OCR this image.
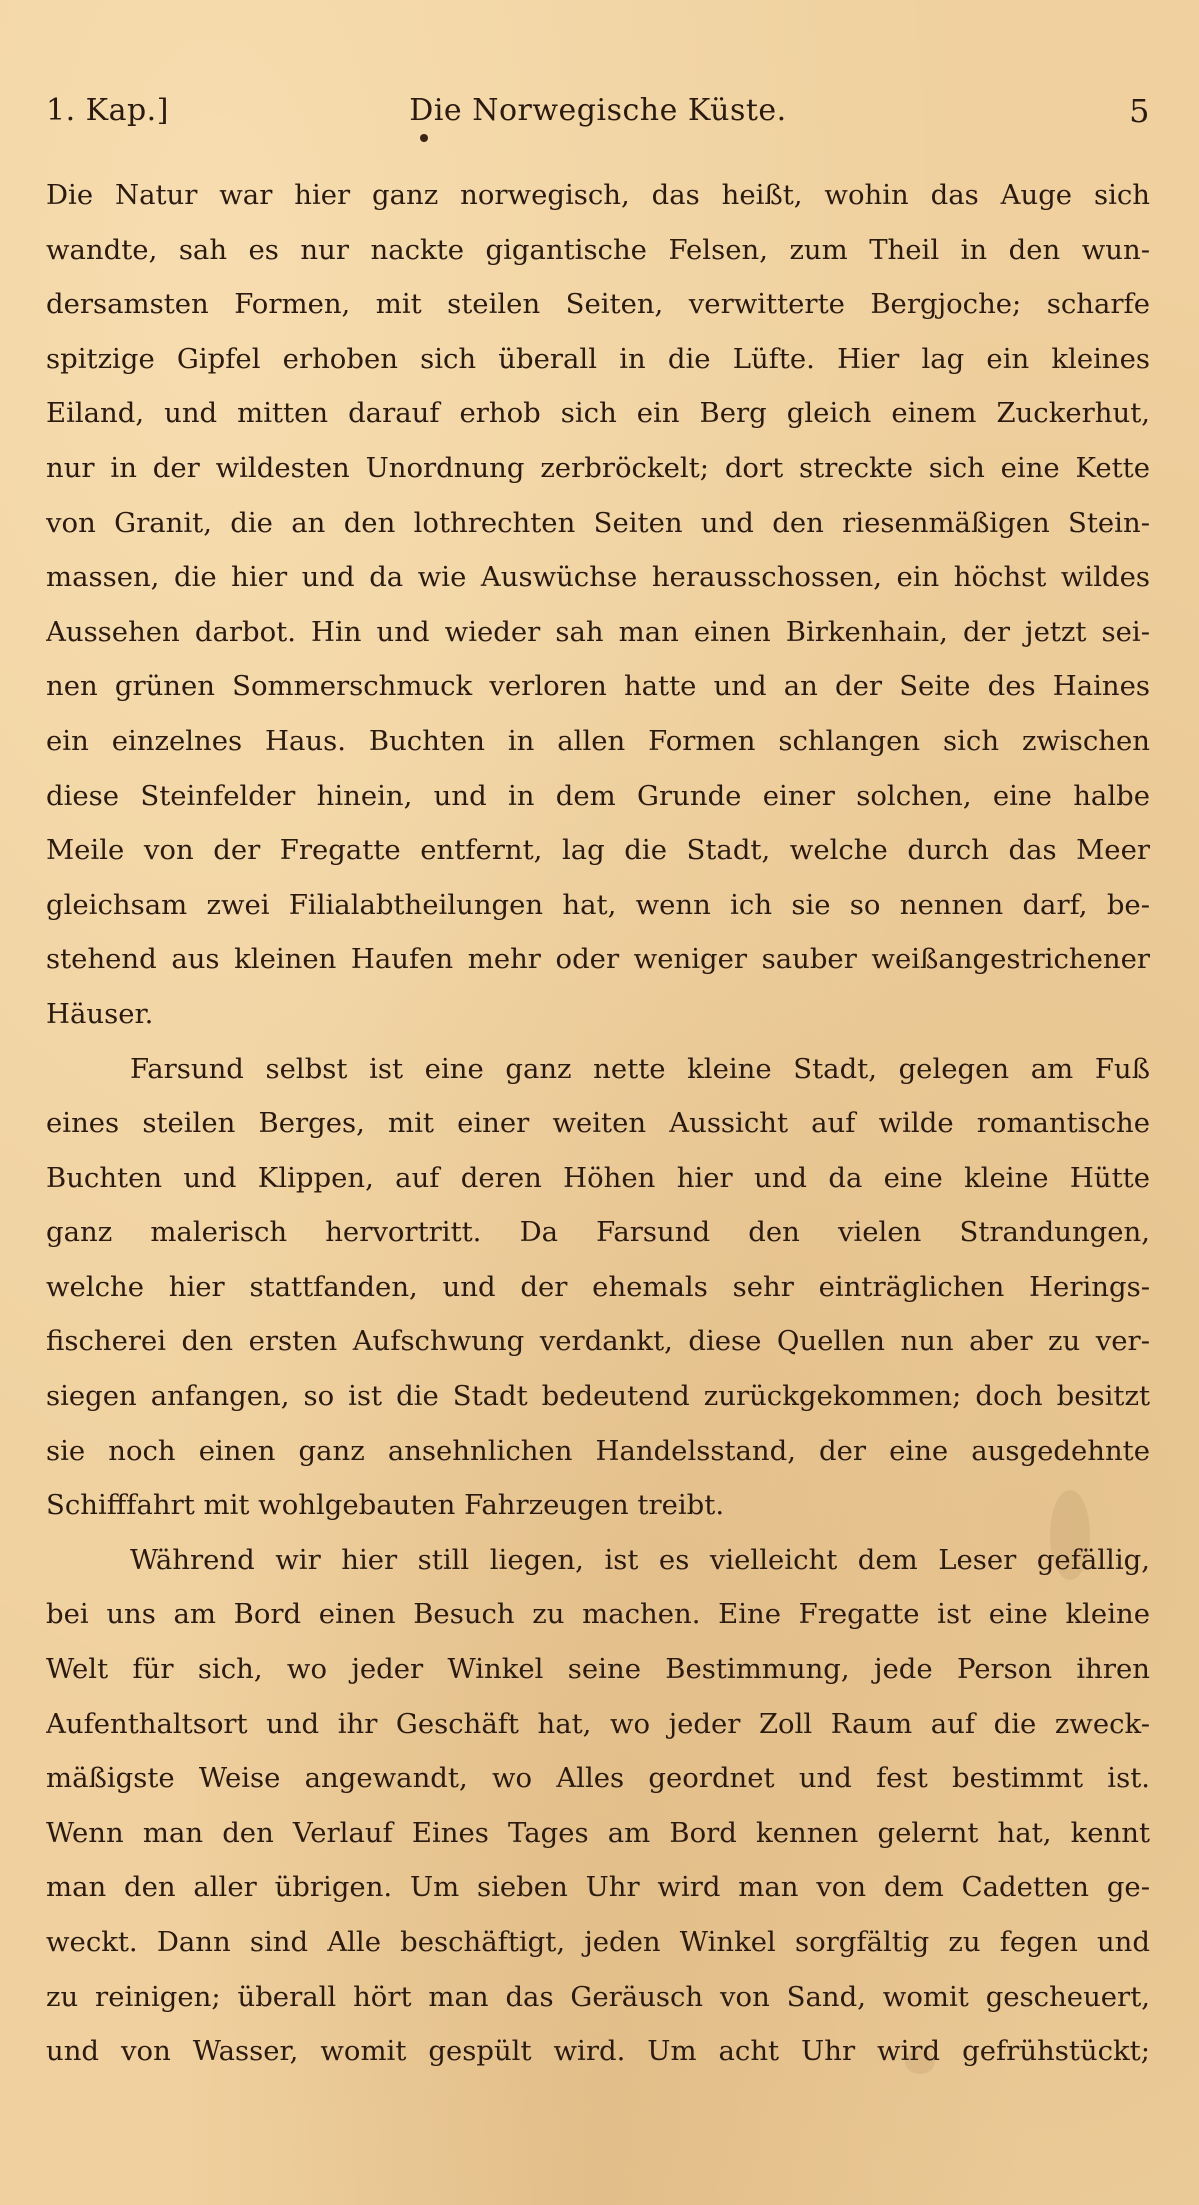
1. Kap.]	Die Norwegische Küste.	5
Die Natur war hier ganz norwegisch, das heißt, wohin das Auge sich
wandte, sah es nur nackte gigantische Felsen, zum Theil in den wun-
dersamsten Formen, mit steilen Seiten, verwitterte Bergjoche; scharfe
spitzige Gipfel erhoben sich überall in die Lüfte. Hier lag ein kleines
Eiland, und mitten darauf erhob sich ein Berg gleich einem Zuckerhut,
nur in der wildesten Unordnung zerbröckelt; dort streckte sich eine Kette
von Granit, die an den lothrechten Seiten und den riesenmäßigen Stein-
massen, die hier und da wie Auswüchse herausschossen, ein höchst wildes
Aussehen darbot. Hin und wieder sah man einen Birkenhain, der jetzt sei-
nen grünen Sommerschmuck verloren hatte und an der Seite des Haines
ein einzelnes Haus. Buchten in allen Formen schlangen sich zwischen
diese Steinfelder hinein, und in dem Grunde einer solchen, eine halbe
Meile von der Fregatte entfernt, lag die Stadt, welche durch das Meer
gleichsam zwei Filialabtheilungen hat, wenn ich sie so nennen darf, be-
stehend aus kleinen Haufen mehr oder weniger sauber weißangestrichener
Häuser.
Farsund selbst ist eine ganz nette kleine Stadt, gelegen am Fuß
eines steilen Berges, mit einer weiten Aussicht auf wilde romantische
Buchten und Klippen, auf deren Höhen hier und da eine kleine Hütte
ganz malerisch hervortritt. Da Farsund den vielen Strandungen,
welche hier stattfanden, und der ehemals sehr einträglichen Herings-
fischerei den ersten Aufschwung verdankt, diese Quellen nun aber zu ver-
siegen anfangen, so ist die Stadt bedeutend zurückgekommen; doch besitzt
sie noch einen ganz ansehnlichen Handelsstand, der eine ausgedehnte
Schifffahrt mit wohlgebauten Fahrzeugen treibt.
Während wir hier still liegen, ist es vielleicht dem Leser gefällig,
bei uns am Bord einen Besuch zu machen. Eine Fregatte ist eine kleine
Welt für sich, wo jeder Winkel seine Bestimmung, jede Person ihren
Aufenthaltsort und ihr Geschäft hat, wo jeder Zoll Raum auf die zweck-
mäßigste Weise angewandt, wo Alles geordnet und fest bestimmt ist.
Wenn man den Verlauf Eines Tages am Bord kennen gelernt hat, kennt
man den aller übrigen. Um sieben Uhr wird man von dem Cadetten ge-
weckt. Dann sind Alle beschäftigt, jeden Winkel sorgfältig zu fegen und
zu reinigen; überall hört man das Geräusch von Sand, womit gescheuert,
und von Wasser, womit gespült wird. Um acht Uhr wird gefrühstückt;
